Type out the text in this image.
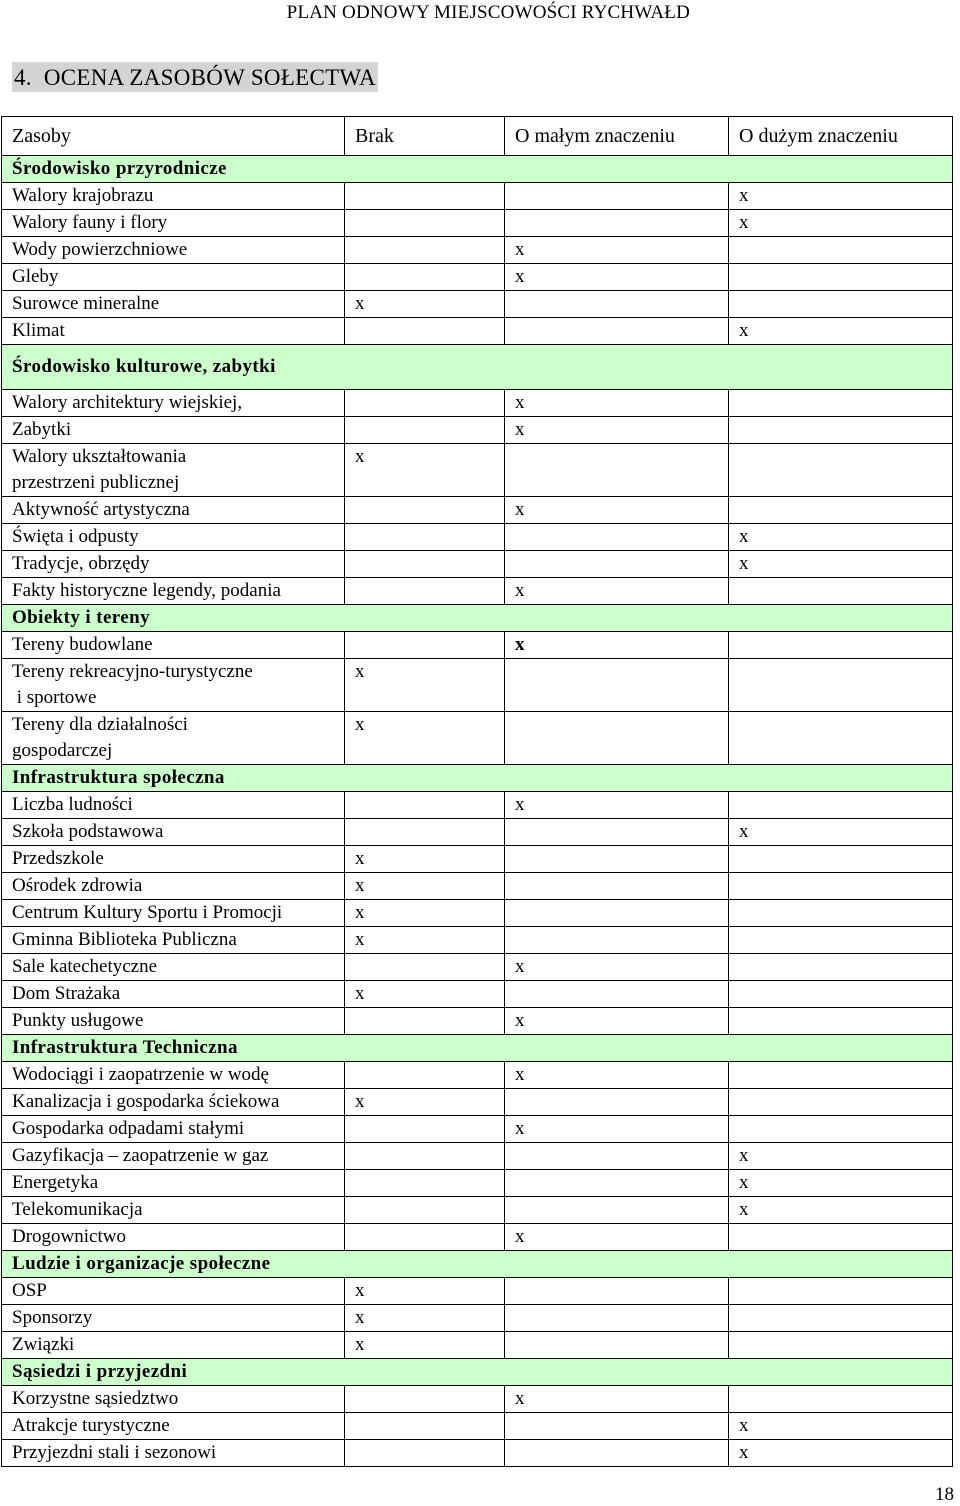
PLAN ODNOWY MIEJSCOWOŚCI RYCHWAŁD
4. OCENA ZASOBÓW SOŁECTWA
Zasoby	Brak	O małym znaczeniu	O dużym znaczeniu
Środowisko przyrodnicze			
Walory krajobrazu			x
Walory fauny i flory			x
Wody powierzchniowe		x	
Gleby		x	
Surowce mineralne	x		
Klimat			x
Środowisko kulturowe, zabytki			
Walory architektury wiejskiej,		x	
Zabytki		x	
Walory ukształtowania
przestrzeni publicznej	x		
Aktywność artystyczna		x	
Święta i odpusty			x
Tradycje, obrzędy			x
Fakty historyczne legendy, podania		x	
Obiekty i tereny			
Tereny budowlane		x	
Tereny rekreacyjno-turystyczne
i sportowe	x		
Tereny dla działalności
gospodarczej	x		
Infrastruktura społeczna			
Liczba ludności		x	
Szkoła podstawowa			x
Przedszkole	x		
Ośrodek zdrowia	x		
Centrum Kultury Sportu i Promocji	x		
Gminna Biblioteka Publiczna	x		
Sale katechetyczne		x	
Dom Strażaka	x		
Punkty usługowe		x	
Infrastruktura Techniczna			
Wodociągi i zaopatrzenie w wodę		x	
Kanalizacja i gospodarka ściekowa	x		
Gospodarka odpadami stałymi		x	
Gazyfikacja – zaopatrzenie w gaz			x
Energetyka			x
Telekomunikacja			x
Drogownictwo		x	
Ludzie i organizacje społeczne			
OSP	x		
Sponsorzy	x		
Związki	x		
Sąsiedzi i przyjezdni			
Korzystne sąsiedztwo		x	
Atrakcje turystyczne			x
Przyjezdni stali i sezonowi			x
18
